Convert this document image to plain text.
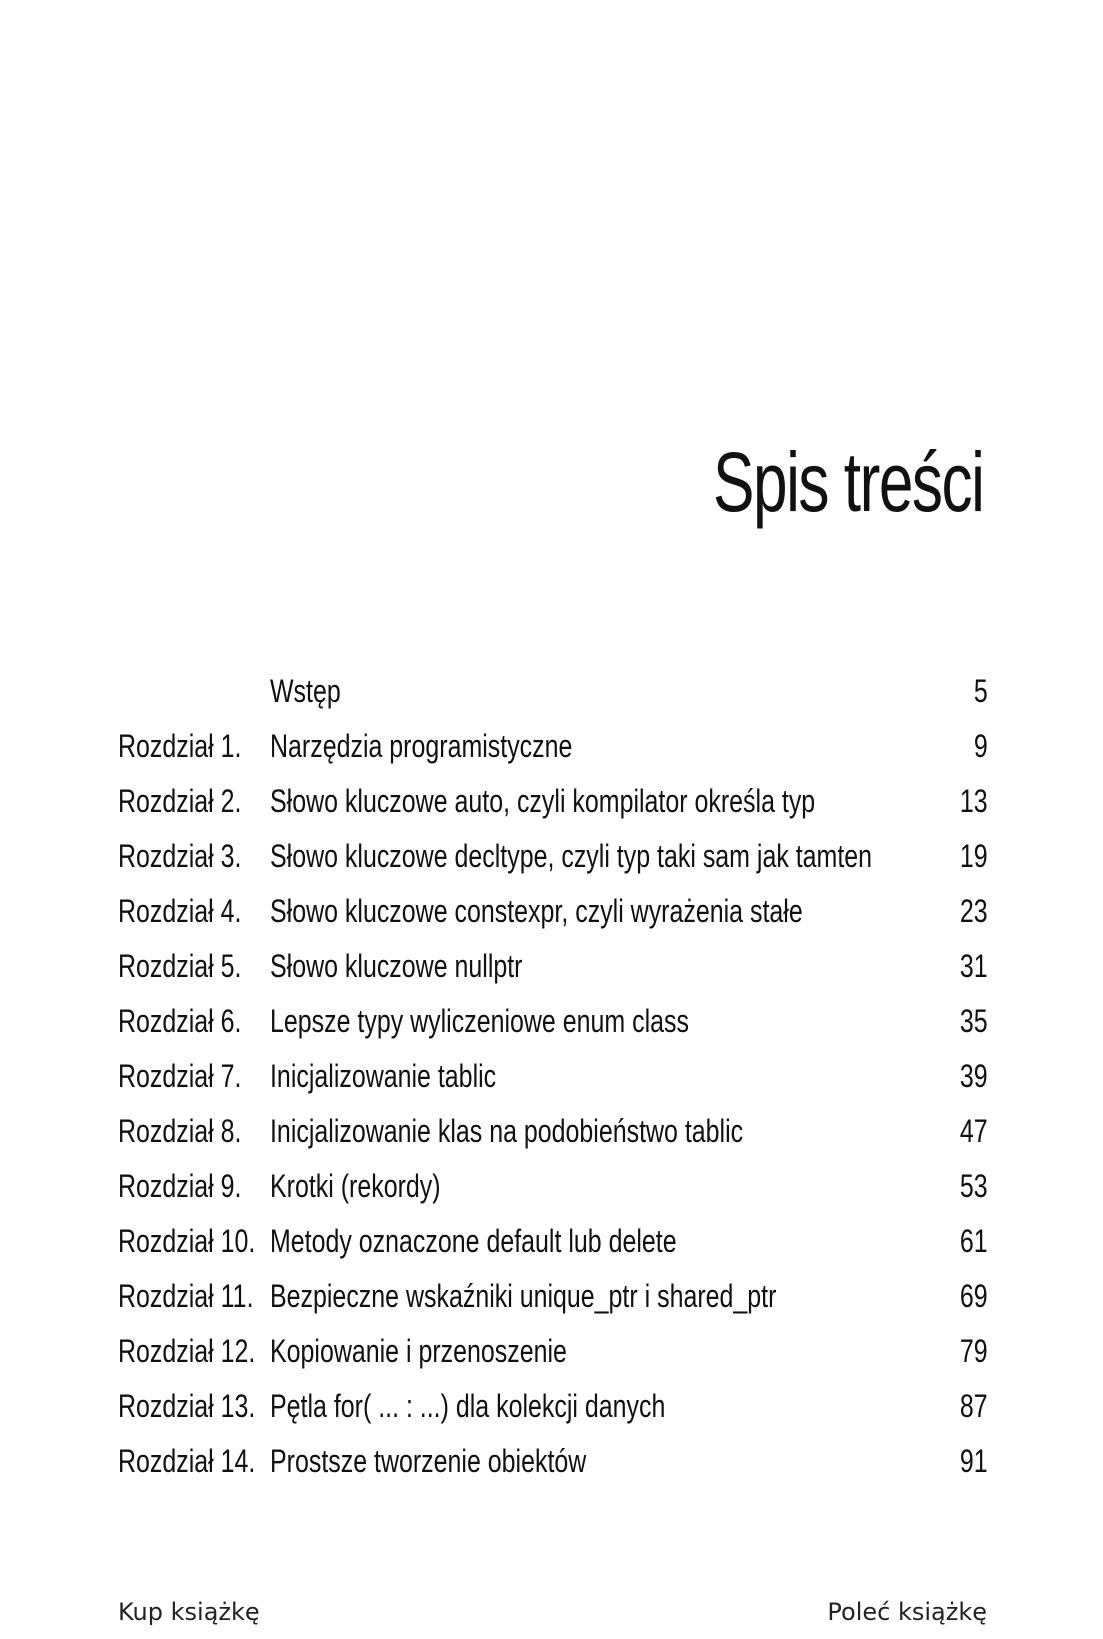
Spis treści
Wstęp	5
Rozdział 1. Narzędzia programistyczne	9
Rozdział 2. Słowo kluczowe auto, czyli kompilator określa typ	13
Rozdział 3. Słowo kluczowe decltype, czyli typ taki sam jak tamten	19
Rozdział 4. Słowo kluczowe constexpr, czyli wyrażenia stałe	23
Rozdział 5. Słowo kluczowe nullptr	31
Rozdział 6. Lepsze typy wyliczeniowe enum class	35
Rozdział 7. Inicjalizowanie tablic	39
Rozdział 8. Inicjalizowanie klas na podobieństwo tablic	47
Rozdział 9. Krotki (rekordy)	53
Rozdział 10. Metody oznaczone default lub delete	61
Rozdział 11. Bezpieczne wskaźniki unique_ptr i shared_ptr	69
Rozdział 12. Kopiowanie i przenoszenie	79
Rozdział 13. Pętla for( ... : ...) dla kolekcji danych	87
Rozdział 14. Prostsze tworzenie obiektów	91
Kup książkę	Poleć książkę
